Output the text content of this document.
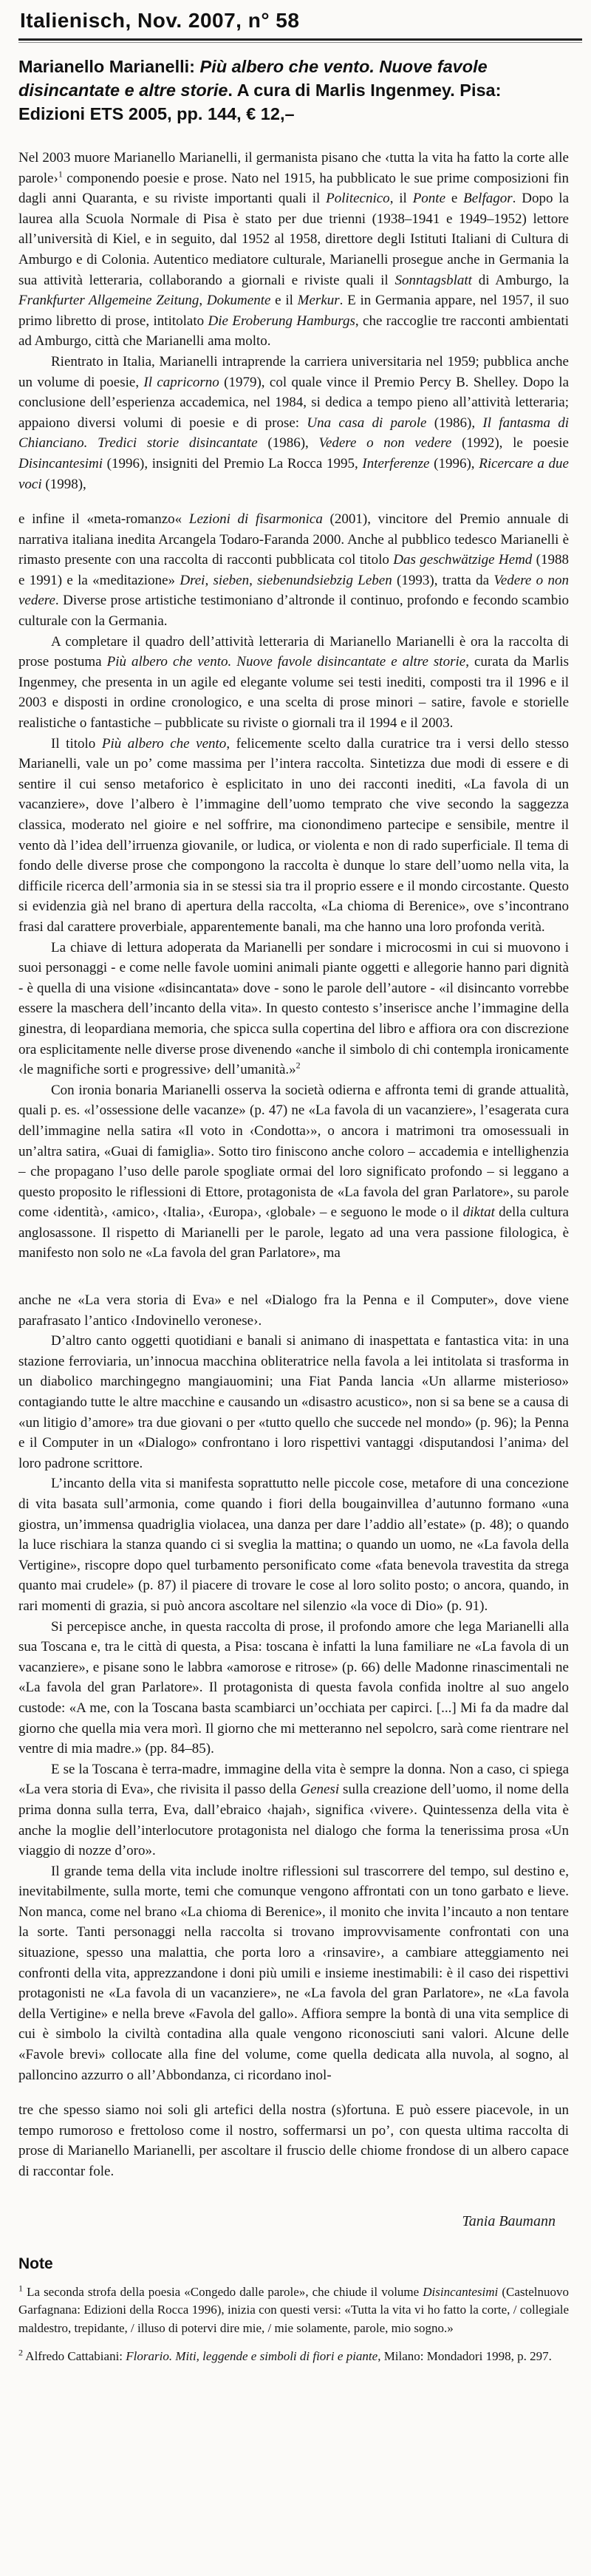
Italienisch, Nov. 2007, n° 58
Marianello Marianelli: Più albero che vento. Nuove favole disincantate e altre storie. A cura di Marlis Ingenmey. Pisa: Edizioni ETS 2005, pp. 144, € 12,–

Nel 2003 muore Marianello Marianelli, il germanista pisano che ‹tutta la vita ha fatto la corte alle parole›$^1$ componendo poesie e prose. Nato nel 1915, ha pubblicato le sue prime composizioni fin dagli anni Quaranta, e su riviste importanti quali il Politecnico, il Ponte e Belfagor. Dopo la laurea alla Scuola Normale di Pisa è stato per due trienni (1938–1941 e 1949–1952) lettore all’università di Kiel, e in seguito, dal 1952 al 1958, direttore degli Istituti Italiani di Cultura di Amburgo e di Colonia. Autentico mediatore culturale, Marianelli prosegue anche in Germania la sua attività letteraria, collaborando a giornali e riviste quali il Sonntagsblatt di Amburgo, la Frankfurter Allgemeine Zeitung, Dokumente e il Merkur. E in Germania appare, nel 1957, il suo primo libretto di prose, intitolato Die Eroberung Hamburgs, che raccoglie tre racconti ambientati ad Amburgo, città che Marianelli ama molto.

Rientrato in Italia, Marianelli intraprende la carriera universitaria nel 1959; pubblica anche un volume di poesie, Il capricorno (1979), col quale vince il Premio Percy B. Shelley. Dopo la conclusione dell’esperienza accademica, nel 1984, si dedica a tempo pieno all’attività letteraria; appaiono diversi volumi di poesie e di prose: Una casa di parole (1986), Il fantasma di Chianciano. Tredici storie disincantate (1986), Vedere o non vedere (1992), le poesie Disincantesimi (1996), insigniti del Premio La Rocca 1995, Interferenze (1996), Ricercare a due voci (1998),

e infine il «meta-romanzo« Lezioni di fisarmonica (2001), vincitore del Premio annuale di narrativa italiana inedita Arcangela Todaro-Faranda 2000. Anche al pubblico tedesco Marianelli è rimasto presente con una raccolta di racconti pubblicata col titolo Das geschwätzige Hemd (1988 e 1991) e la «meditazione» Drei, sieben, siebenundsiebzig Leben (1993), tratta da Vedere o non vedere. Diverse prose artistiche testimoniano d’altronde il continuo, profondo e fecondo scambio culturale con la Germania.

A completare il quadro dell’attività letteraria di Marianello Marianelli è ora la raccolta di prose postuma Più albero che vento. Nuove favole disincantate e altre storie, curata da Marlis Ingenmey, che presenta in un agile ed elegante volume sei testi inediti, composti tra il 1996 e il 2003 e disposti in ordine cronologico, e una scelta di prose minori – satire, favole e storielle realistiche o fantastiche – pubblicate su riviste o giornali tra il 1994 e il 2003.

Il titolo Più albero che vento, felicemente scelto dalla curatrice tra i versi dello stesso Marianelli, vale un po’ come massima per l’intera raccolta. Sintetizza due modi di essere e di sentire il cui senso metaforico è esplicitato in uno dei racconti inediti, «La favola di un vacanziere», dove l’albero è l’immagine dell’uomo temprato che vive secondo la saggezza classica, moderato nel gioire e nel soffrire, ma cionondimeno partecipe e sensibile, mentre il vento dà l’idea dell’irruenza giovanile, or ludica, or violenta e non di rado superficiale. Il tema di fondo delle diverse prose che compongono la raccolta è dunque lo stare dell’uomo nella vita, la difficile ricerca dell’armonia sia in se stessi sia tra il proprio essere e il mondo circostante. Questo si evidenzia già nel brano di apertura della raccolta, «La chioma di Berenice», ove s’incontrano frasi dal carattere proverbiale, apparentemente banali, ma che hanno una loro profonda verità.

La chiave di lettura adoperata da Marianelli per sondare i microcosmi in cui si muovono i suoi personaggi - e come nelle favole uomini animali piante oggetti e allegorie hanno pari dignità - è quella di una visione «disincantata» dove - sono le parole dell’autore - «il disincanto vorrebbe essere la maschera dell’incanto della vita». In questo contesto s’inserisce anche l’immagine della ginestra, di leopardiana memoria, che spicca sulla copertina del libro e affiora ora con discrezione ora esplicitamente nelle diverse prose divenendo «anche il simbolo di chi contempla ironicamente ‹le magnifiche sorti e progressive› dell’umanità.»$^2$

Con ironia bonaria Marianelli osserva la società odierna e affronta temi di grande attualità, quali p. es. «l’ossessione delle vacanze» (p. 47) ne «La favola di un vacanziere», l’esagerata cura dell’immagine nella satira «Il voto in ‹Condotta›», o ancora i matrimoni tra omosessuali in un’altra satira, «Guai di famiglia». Sotto tiro finiscono anche coloro – accademia e intellighenzia – che propagano l’uso delle parole spogliate ormai del loro significato profondo – si leggano a questo proposito le riflessioni di Ettore, protagonista de «La favola del gran Parlatore», su parole come ‹identità›, ‹amico›, ‹Italia›, ‹Europa›, ‹globale› – e seguono le mode o il diktat della cultura anglosassone. Il rispetto di Marianelli per le parole, legato ad una vera passione filologica, è manifesto non solo ne «La favola del gran Parlatore», ma

anche ne «La vera storia di Eva» e nel «Dialogo fra la Penna e il Computer», dove viene parafrasato l’antico ‹Indovinello veronese›.

D’altro canto oggetti quotidiani e banali si animano di inaspettata e fantastica vita: in una stazione ferroviaria, un’innocua macchina obliteratrice nella favola a lei intitolata si trasforma in un diabolico marchingegno mangiauomini; una Fiat Panda lancia «Un allarme misterioso» contagiando tutte le altre macchine e causando un «disastro acustico», non si sa bene se a causa di «un litigio d’amore» tra due giovani o per «tutto quello che succede nel mondo» (p. 96); la Penna e il Computer in un «Dialogo» confrontano i loro rispettivi vantaggi ‹disputandosi l’anima› del loro padrone scrittore.

L’incanto della vita si manifesta soprattutto nelle piccole cose, metafore di una concezione di vita basata sull’armonia, come quando i fiori della bougainvillea d’autunno formano «una giostra, un’immensa quadriglia violacea, una danza per dare l’addio all’estate» (p. 48); o quando la luce rischiara la stanza quando ci si sveglia la mattina; o quando un uomo, ne «La favola della Vertigine», riscopre dopo quel turbamento personificato come «fata benevola travestita da strega quanto mai crudele» (p. 87) il piacere di trovare le cose al loro solito posto; o ancora, quando, in rari momenti di grazia, si può ancora ascoltare nel silenzio «la voce di Dio» (p. 91).

Si percepisce anche, in questa raccolta di prose, il profondo amore che lega Marianelli alla sua Toscana e, tra le città di questa, a Pisa: toscana è infatti la luna familiare ne «La favola di un vacanziere», e pisane sono le labbra «amorose e ritrose» (p. 66) delle Madonne rinascimentali ne «La favola del gran Parlatore». Il protagonista di questa favola confida inoltre al suo angelo custode: «A me, con la Toscana basta scambiarci un’occhiata per capirci. [...] Mi fa da madre dal giorno che quella mia vera morì. Il giorno che mi metteranno nel sepolcro, sarà come rientrare nel ventre di mia madre.» (pp. 84–85).

E se la Toscana è terra-madre, immagine della vita è sempre la donna. Non a caso, ci spiega «La vera storia di Eva», che rivisita il passo della Genesi sulla creazione dell’uomo, il nome della prima donna sulla terra, Eva, dall’ebraico ‹hajah›, significa ‹vivere›. Quintessenza della vita è anche la moglie dell’interlocutore protagonista nel dialogo che forma la tenerissima prosa «Un viaggio di nozze d’oro».

Il grande tema della vita include inoltre riflessioni sul trascorrere del tempo, sul destino e, inevitabilmente, sulla morte, temi che comunque vengono affrontati con un tono garbato e lieve. Non manca, come nel brano «La chioma di Berenice», il monito che invita l’incauto a non tentare la sorte. Tanti personaggi nella raccolta si trovano improvvisamente confrontati con una situazione, spesso una malattia, che porta loro a ‹rinsavire›, a cambiare atteggiamento nei confronti della vita, apprezzandone i doni più umili e insieme inestimabili: è il caso dei rispettivi protagonisti ne «La favola di un vacanziere», ne «La favola del gran Parlatore», ne «La favola della Vertigine» e nella breve «Favola del gallo». Affiora sempre la bontà di una vita semplice di cui è simbolo la civiltà contadina alla quale vengono riconosciuti sani valori. Alcune delle «Favole brevi» collocate alla fine del volume, come quella dedicata alla nuvola, al sogno, al palloncino azzurro o all’Abbondanza, ci ricordano inol-

tre che spesso siamo noi soli gli artefici della nostra (s)fortuna. E può essere piacevole, in un tempo rumoroso e frettoloso come il nostro, soffermarsi un po’, con questa ultima raccolta di prose di Marianello Marianelli, per ascoltare il fruscio delle chiome frondose di un albero capace di raccontar fole.

Tania Baumann
Note

$^1$ La seconda strofa della poesia «Congedo dalle parole», che chiude il volume Disincantesimi (Castelnuovo Garfagnana: Edizioni della Rocca 1996), inizia con questi versi: «Tutta la vita vi ho fatto la corte, / collegiale maldestro, trepidante, / illuso di potervi dire mie, / mie solamente, parole, mio sogno.»

$^2$ Alfredo Cattabiani: Florario. Miti, leggende e simboli di fiori e piante, Milano: Mondadori 1998, p. 297.
